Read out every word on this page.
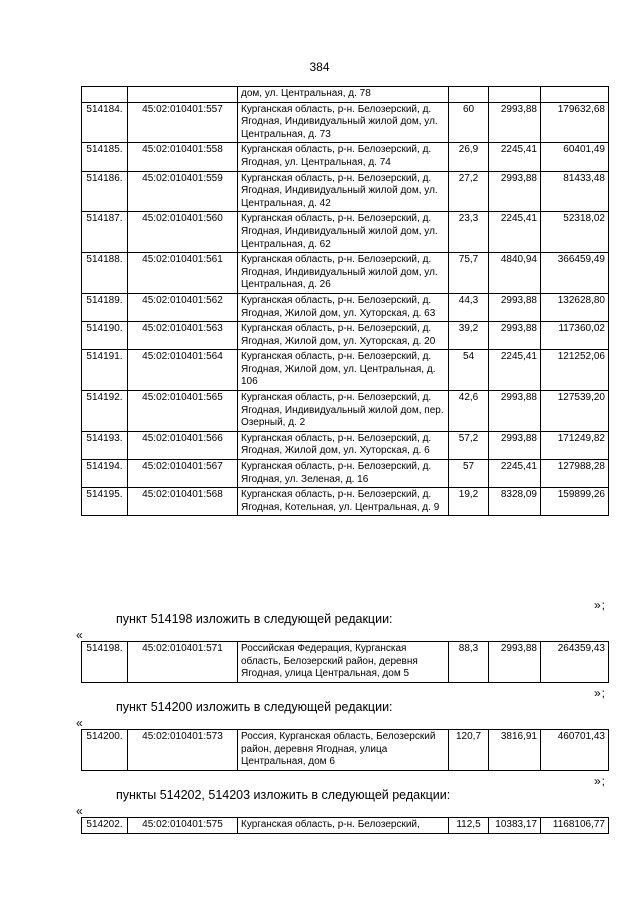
384
		дом, ул. Центральная, д. 78			
514184.	45:02:010401:557	Курганская область, р-н. Белозерский, д. Ягодная, Индивидуальный жилой дом, ул. Центральная, д. 73	60	2993,88	179632,68
514185.	45:02:010401:558	Курганская область, р-н. Белозерский, д. Ягодная, ул. Центральная, д. 74	26,9	2245,41	60401,49
514186.	45:02:010401:559	Курганская область, р-н. Белозерский, д. Ягодная, Индивидуальный жилой дом, ул. Центральная, д. 42	27,2	2993,88	81433,48
514187.	45:02:010401:560	Курганская область, р-н. Белозерский, д. Ягодная, Индивидуальный жилой дом, ул. Центральная, д. 62	23,3	2245,41	52318,02
514188.	45:02:010401:561	Курганская область, р-н. Белозерский, д. Ягодная, Индивидуальный жилой дом, ул. Центральная, д. 26	75,7	4840,94	366459,49
514189.	45:02:010401:562	Курганская область, р-н. Белозерский, д. Ягодная, Жилой дом, ул. Хуторская, д. 63	44,3	2993,88	132628,80
514190.	45:02:010401:563	Курганская область, р-н. Белозерский, д. Ягодная, Жилой дом, ул. Хуторская, д. 20	39,2	2993,88	117360,02
514191.	45:02:010401:564	Курганская область, р-н. Белозерский, д. Ягодная, Жилой дом, ул. Центральная, д. 106	54	2245,41	121252,06
514192.	45:02:010401:565	Курганская область, р-н. Белозерский, д. Ягодная, Индивидуальный жилой дом, пер. Озерный, д. 2	42,6	2993,88	127539,20
514193.	45:02:010401:566	Курганская область, р-н. Белозерский, д. Ягодная, Жилой дом, ул. Хуторская, д. 6	57,2	2993,88	171249,82
514194.	45:02:010401:567	Курганская область, р-н. Белозерский, д. Ягодная, ул. Зеленая, д. 16	57	2245,41	127988,28
514195.	45:02:010401:568	Курганская область, р-н. Белозерский, д. Ягодная, Котельная, ул. Центральная, д. 9	19,2	8328,09	159899,26
»;
пункт 514198 изложить в следующей редакции:
«
514198.	45:02:010401:571	Российская Федерация, Курганская область, Белозерский район, деревня Ягодная, улица Центральная, дом 5	88,3	2993,88	264359,43
»;
пункт 514200 изложить в следующей редакции:
«
514200.	45:02:010401:573	Россия, Курганская область, Белозерский район, деревня Ягодная, улица Центральная, дом 6	120,7	3816,91	460701,43
»;
пункты 514202, 514203 изложить в следующей редакции:
«
514202.	45:02:010401:575	Курганская область, р-н. Белозерский,	112,5	10383,17	1168106,77
